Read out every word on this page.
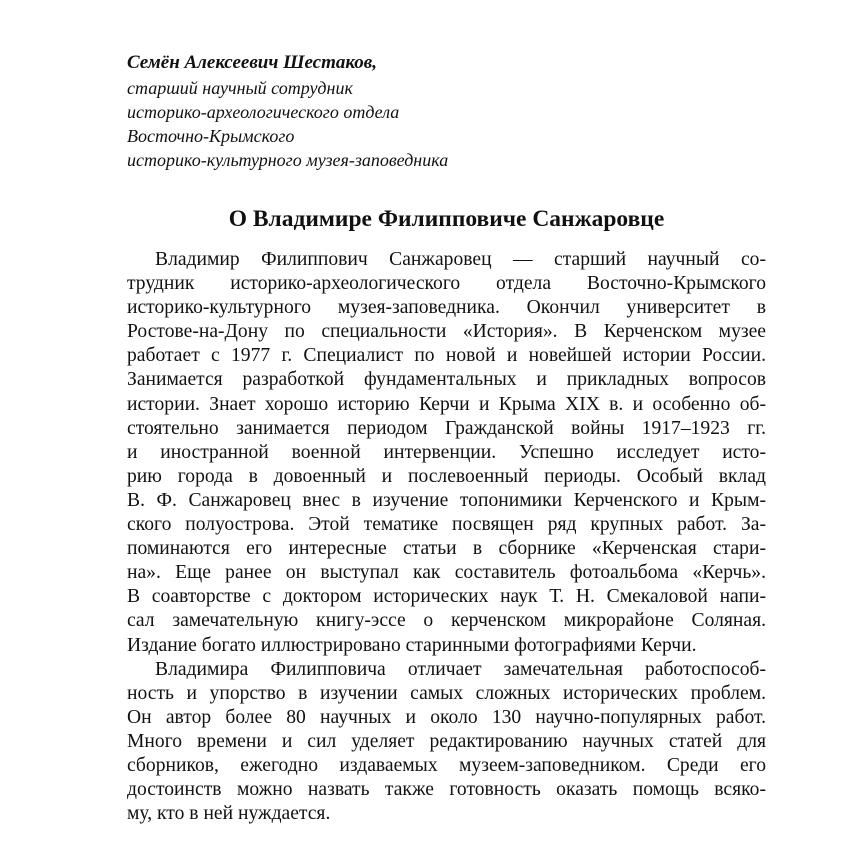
Семён Алексеевич Шестаков,
старший научный сотрудник
историко-археологического отдела
Восточно-Крымского
историко-культурного музея-заповедника
О Владимире Филипповиче Санжаровце
Владимир Филиппович Санжаровец — старший научный со-
трудник историко-археологического отдела Восточно-Крымского
историко-культурного музея-заповедника. Окончил университет в
Ростове-на-Дону по специальности «История». В Керченском музее
работает с 1977 г. Специалист по новой и новейшей истории России.
Занимается разработкой фундаментальных и прикладных вопросов
истории. Знает хорошо историю Керчи и Крыма XIX в. и особенно об-
стоятельно занимается периодом Гражданской войны 1917–1923 гг.
и иностранной военной интервенции. Успешно исследует исто-
рию города в довоенный и послевоенный периоды. Особый вклад
В. Ф. Санжаровец внес в изучение топонимики Керченского и Крым-
ского полуострова. Этой тематике посвящен ряд крупных работ. За-
поминаются его интересные статьи в сборнике «Керченская стари-
на». Еще ранее он выступал как составитель фотоальбома «Керчь».
В соавторстве с доктором исторических наук Т. Н. Смекаловой напи-
сал замечательную книгу-эссе о керченском микрорайоне Соляная.
Издание богато иллюстрировано старинными фотографиями Керчи.
Владимира Филипповича отличает замечательная работоспособ-
ность и упорство в изучении самых сложных исторических проблем.
Он автор более 80 научных и около 130 научно-популярных работ.
Много времени и сил уделяет редактированию научных статей для
сборников, ежегодно издаваемых музеем-заповедником. Среди его
достоинств можно назвать также готовность оказать помощь всяко-
му, кто в ней нуждается.
